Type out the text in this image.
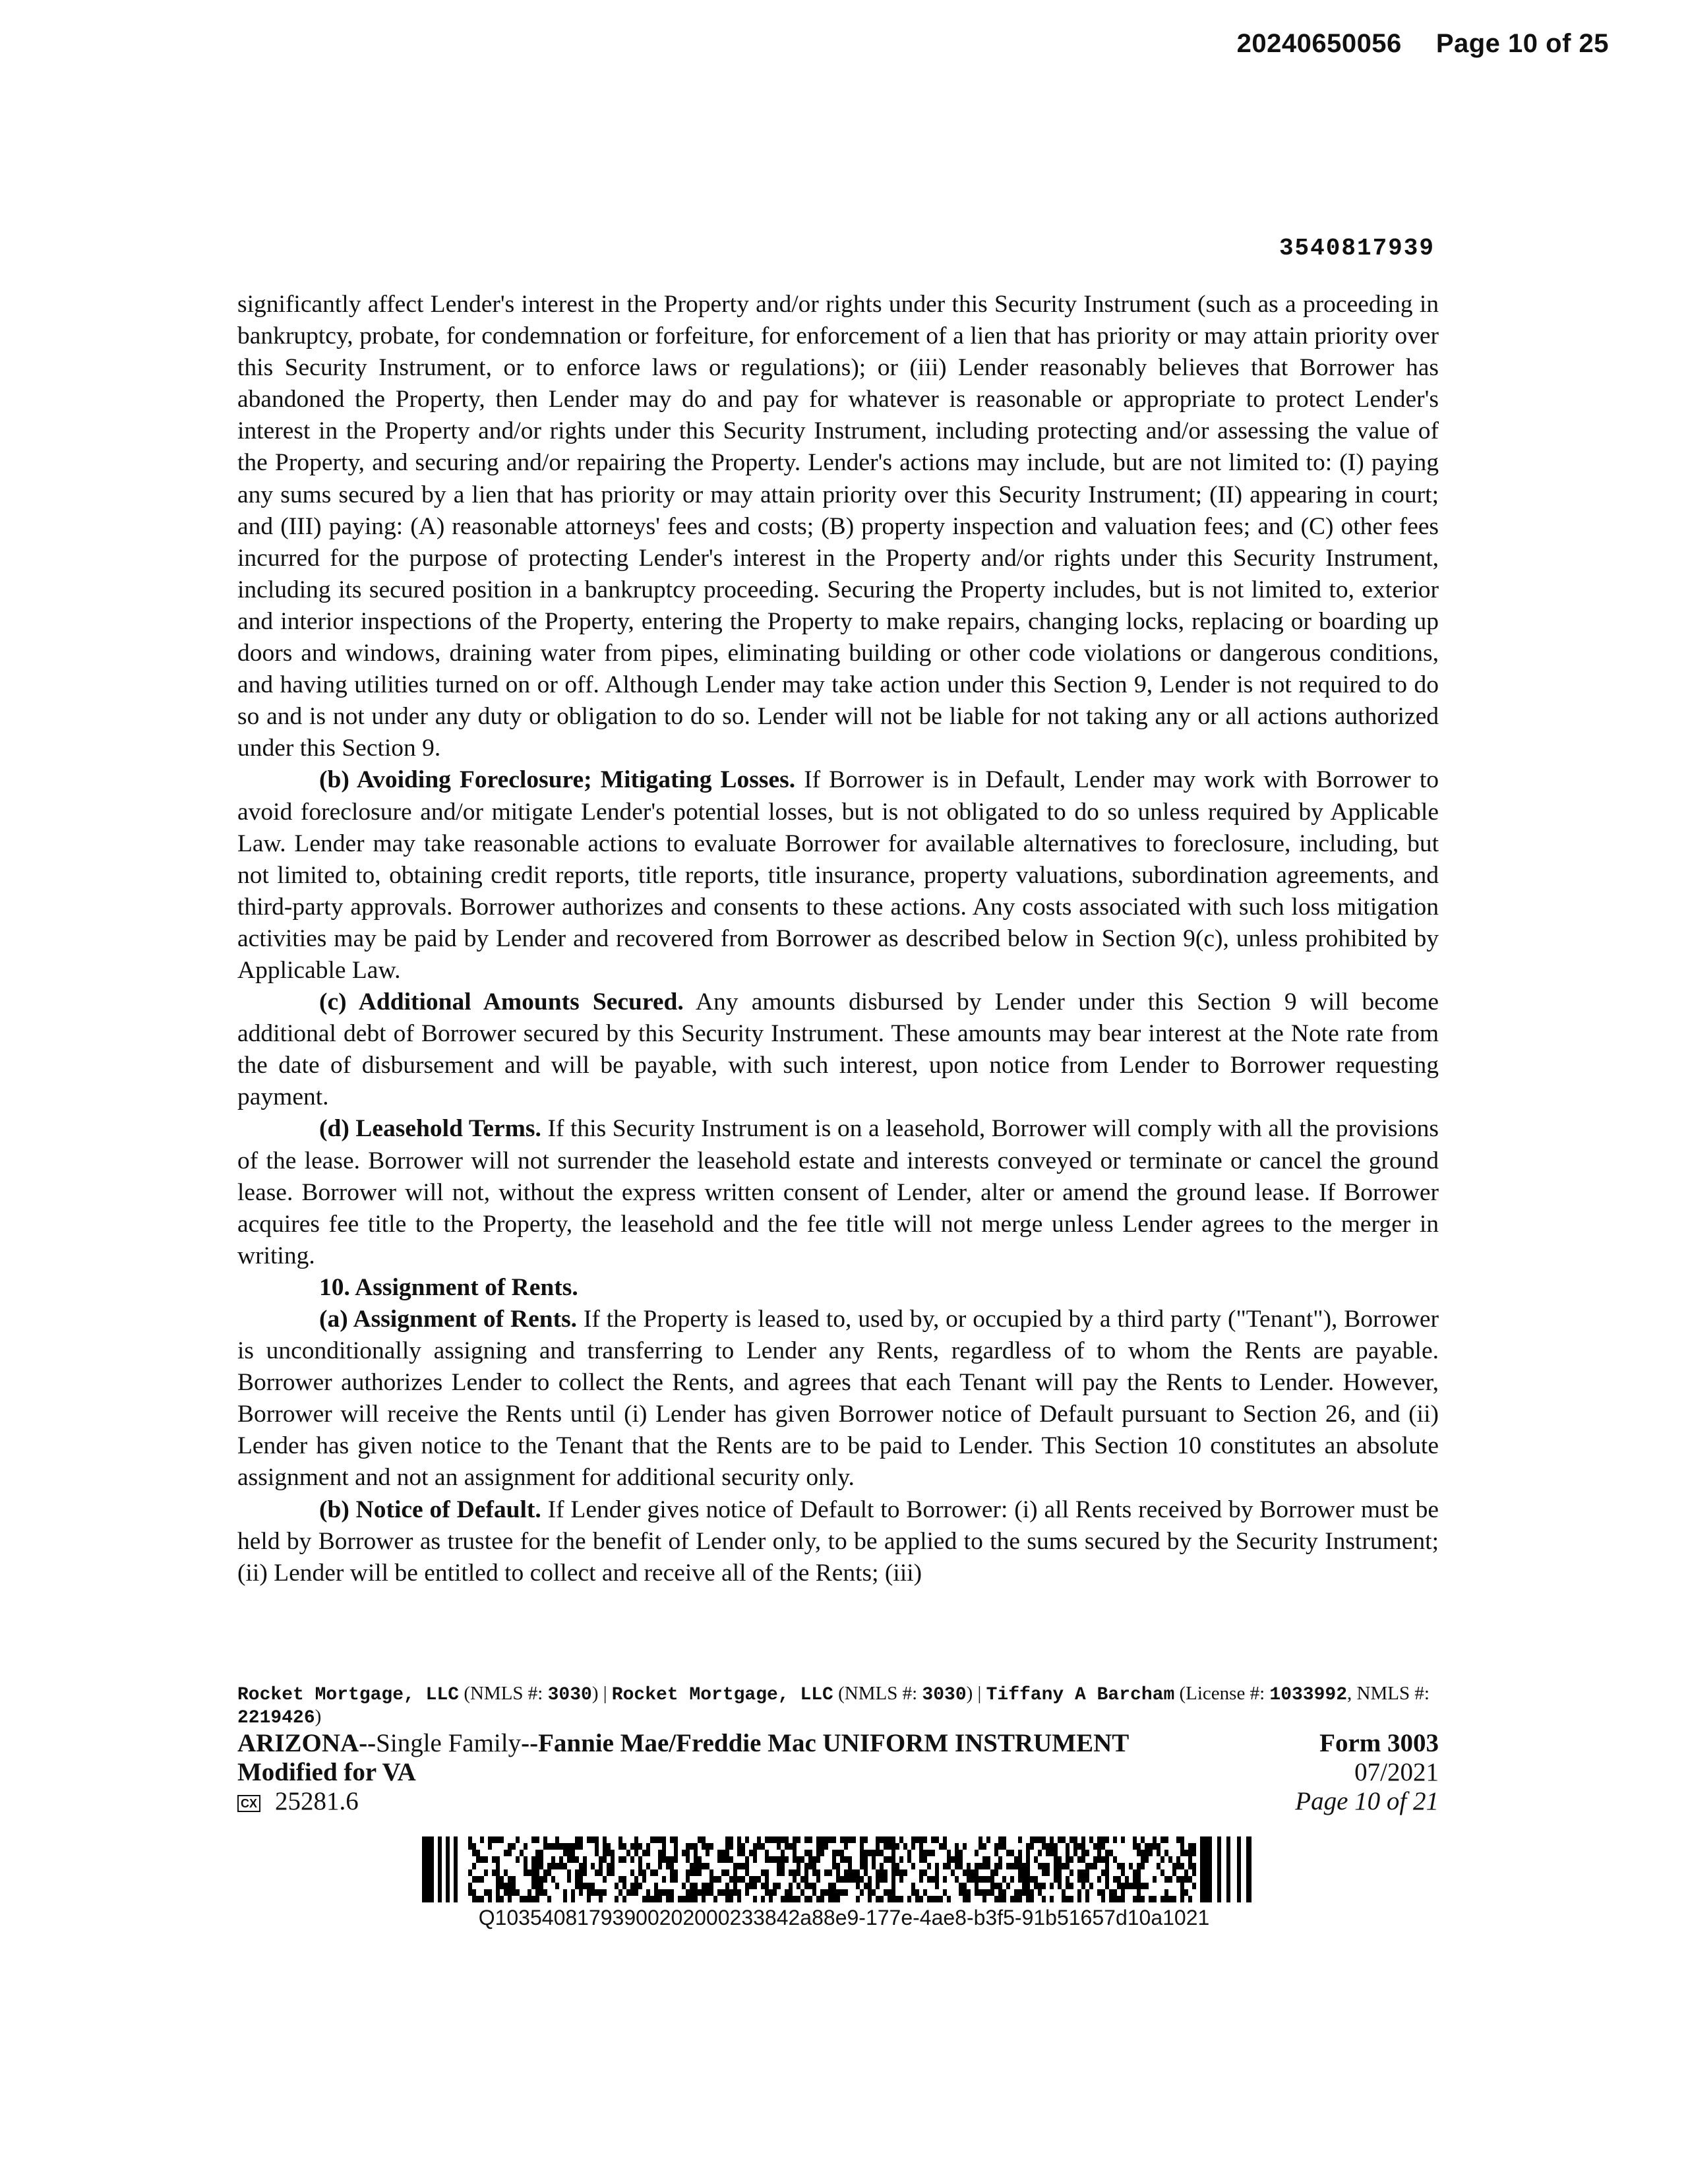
20240650056 Page 10 of 25
3540817939

significantly affect Lender's interest in the Property and/or rights under this Security Instrument (such as a proceeding in bankruptcy, probate, for condemnation or forfeiture, for enforcement of a lien that has priority or may attain priority over this Security Instrument, or to enforce laws or regulations); or (iii) Lender reasonably believes that Borrower has abandoned the Property, then Lender may do and pay for whatever is reasonable or appropriate to protect Lender's interest in the Property and/or rights under this Security Instrument, including protecting and/or assessing the value of the Property, and securing and/or repairing the Property. Lender's actions may include, but are not limited to: (I) paying any sums secured by a lien that has priority or may attain priority over this Security Instrument; (II) appearing in court; and (III) paying: (A) reasonable attorneys' fees and costs; (B) property inspection and valuation fees; and (C) other fees incurred for the purpose of protecting Lender's interest in the Property and/or rights under this Security Instrument, including its secured position in a bankruptcy proceeding. Securing the Property includes, but is not limited to, exterior and interior inspections of the Property, entering the Property to make repairs, changing locks, replacing or boarding up doors and windows, draining water from pipes, eliminating building or other code violations or dangerous conditions, and having utilities turned on or off. Although Lender may take action under this Section 9, Lender is not required to do so and is not under any duty or obligation to do so. Lender will not be liable for not taking any or all actions authorized under this Section 9.

(b) Avoiding Foreclosure; Mitigating Losses. If Borrower is in Default, Lender may work with Borrower to avoid foreclosure and/or mitigate Lender's potential losses, but is not obligated to do so unless required by Applicable Law. Lender may take reasonable actions to evaluate Borrower for available alternatives to foreclosure, including, but not limited to, obtaining credit reports, title reports, title insurance, property valuations, subordination agreements, and third-party approvals. Borrower authorizes and consents to these actions. Any costs associated with such loss mitigation activities may be paid by Lender and recovered from Borrower as described below in Section 9(c), unless prohibited by Applicable Law.

(c) Additional Amounts Secured. Any amounts disbursed by Lender under this Section 9 will become additional debt of Borrower secured by this Security Instrument. These amounts may bear interest at the Note rate from the date of disbursement and will be payable, with such interest, upon notice from Lender to Borrower requesting payment.

(d) Leasehold Terms. If this Security Instrument is on a leasehold, Borrower will comply with all the provisions of the lease. Borrower will not surrender the leasehold estate and interests conveyed or terminate or cancel the ground lease. Borrower will not, without the express written consent of Lender, alter or amend the ground lease. If Borrower acquires fee title to the Property, the leasehold and the fee title will not merge unless Lender agrees to the merger in writing.

10. Assignment of Rents.

(a) Assignment of Rents. If the Property is leased to, used by, or occupied by a third party ("Tenant"), Borrower is unconditionally assigning and transferring to Lender any Rents, regardless of to whom the Rents are payable. Borrower authorizes Lender to collect the Rents, and agrees that each Tenant will pay the Rents to Lender. However, Borrower will receive the Rents until (i) Lender has given Borrower notice of Default pursuant to Section 26, and (ii) Lender has given notice to the Tenant that the Rents are to be paid to Lender. This Section 10 constitutes an absolute assignment and not an assignment for additional security only.

(b) Notice of Default. If Lender gives notice of Default to Borrower: (i) all Rents received by Borrower must be held by Borrower as trustee for the benefit of Lender only, to be applied to the sums secured by the Security Instrument; (ii) Lender will be entitled to collect and receive all of the Rents; (iii)

Rocket Mortgage, LLC (NMLS #: 3030) | Rocket Mortgage, LLC (NMLS #: 3030) | Tiffany A Barcham (License #: 1033992, NMLS #: 2219426)
ARIZONA--Single Family--Fannie Mae/Freddie Mac UNIFORM INSTRUMENT	Form 3003
Modified for VA	07/2021
CX 25281.6	Page 10 of 21
Q10354081793900202000233842a88e9-177e-4ae8-b3f5-91b51657d10a1021
